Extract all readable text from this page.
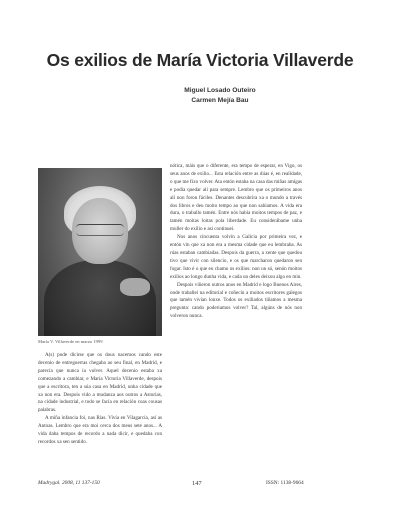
Os exilios de María Victoria Villaverde
Miguel Losado Outeiro
Carmen Mejía Bau
María V. Villaverde en marzo 1999

A(s) pode dicirse que os dous nacemos cando este decenio de entreguerras chegaba ao seu final, en Madrid, e parecía que nunca ía volver. Aquel decenio estaba xa comezando a cambiar, e María Victoria Villaverde, despois que a escritora, ten a súa casa en Madrid, unha cidade que xa non era. Despois vido a mudanza aos outros a Asturias, na cidade industrial, e todo se facía en relación coas cousas palabras.

A miña infancia foi, nas Rías. Vivía en Vilagarcía, así as Antoas. Lembro que era moi cerca dos meus sete anos... A vida daba tempos de recordo a nada dicir, e quedaba con recordos xa sen sentido.

nótica, máis que o diferente, era tempo de esperar, en Vigo, os seus anos de exilio... Esta relación entre as dúas é, en realidade, o que me fixo volver. Ata entón estaba na casa das miñas amigas e podía quedar alí para sempre. Lembro que os primeiros anos alí non foron fáciles. Denantes descubrira xa o mundo a través dos libros e deu moito tempo ao que non sabiamos. A vida era dura, o traballo tamén. Entre nós había moitos tempos de paz, e tamén moitas loitas pola liberdade. Eu considerábame unha muller do exilio e así continuei.

Nos anos cincuenta volvín a Galicia por primeira vez, e entón vin que xa non era a mesma cidade que eu lembraba. As rúas estaban cambiadas. Despois da guerra, a xente que quedou tivo que vivir con silencio, e os que marcharon quedaron sen fogar. Isto é o que eu chamo os exilios: non un só, senón moitos exilios ao longo dunha vida, e cada un deles deixou algo en min.

Despois viñeron outros anos en Madrid e logo Buenos Aires, onde traballei na editorial e coñecín a moitos escritores galegos que tamén vivían lonxe. Todos os exiliados tiñamos a mesma pregunta: cando poderiamos volver? Tal, algúns de nós non volveron nunca.

Madrygal. 2008, 11 137-150	147	ISSN: 1138-9664
